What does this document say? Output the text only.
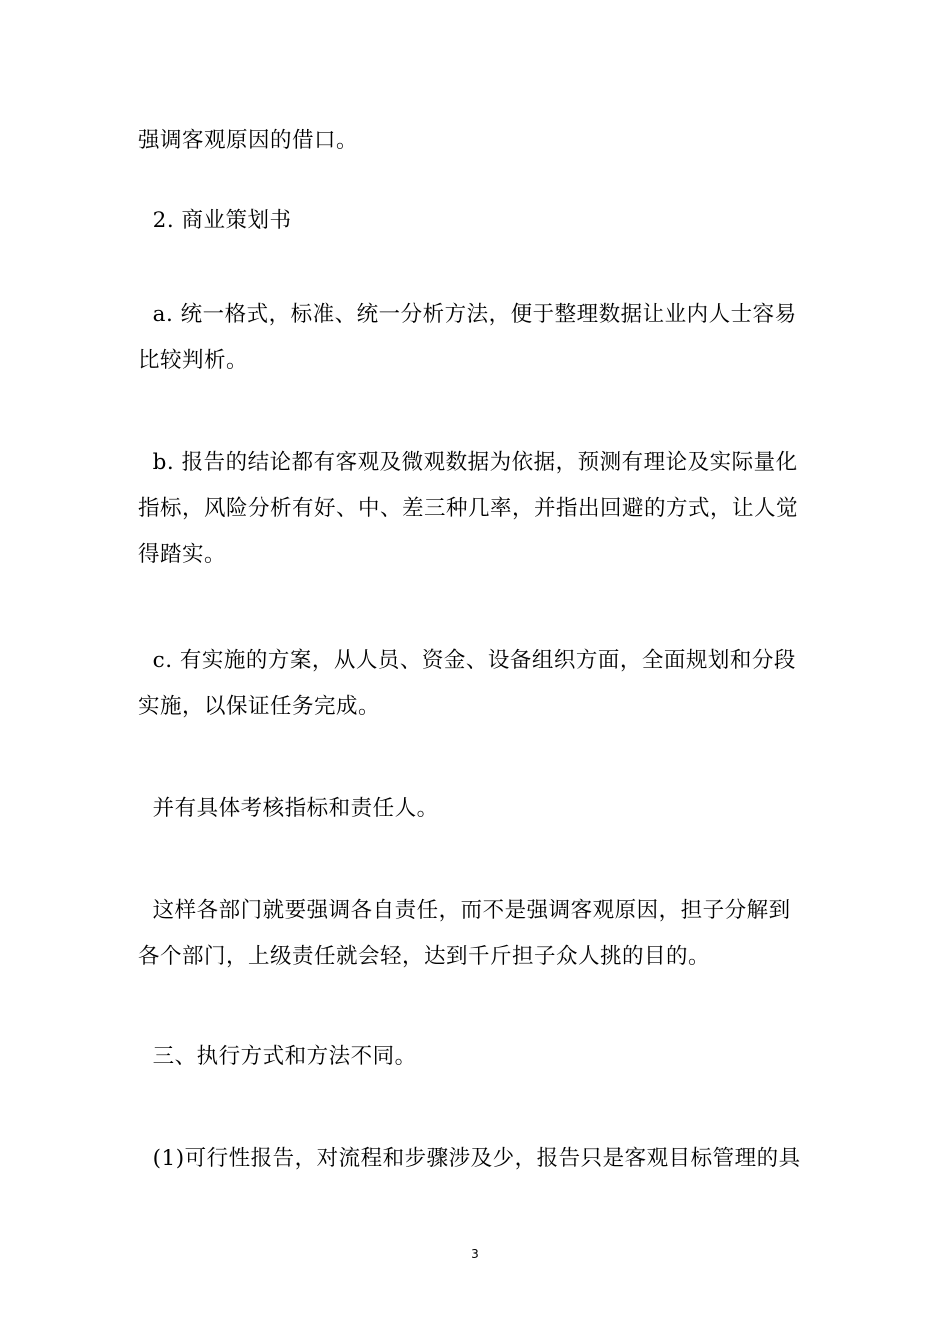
强调客观原因的借口。

2. 商业策划书

a. 统一格式，标准、统一分析方法，便于整理数据让业内人士容易
比较判析。

b. 报告的结论都有客观及微观数据为依据，预测有理论及实际量化
指标，风险分析有好、中、差三种几率，并指出回避的方式，让人觉
得踏实。

c. 有实施的方案，从人员、资金、设备组织方面，全面规划和分段
实施，以保证任务完成。

并有具体考核指标和责任人。

这样各部门就要强调各自责任，而不是强调客观原因，担子分解到
各个部门，上级责任就会轻，达到千斤担子众人挑的目的。

三、执行方式和方法不同。

(1)可行性报告，对流程和步骤涉及少，报告只是客观目标管理的具

3
